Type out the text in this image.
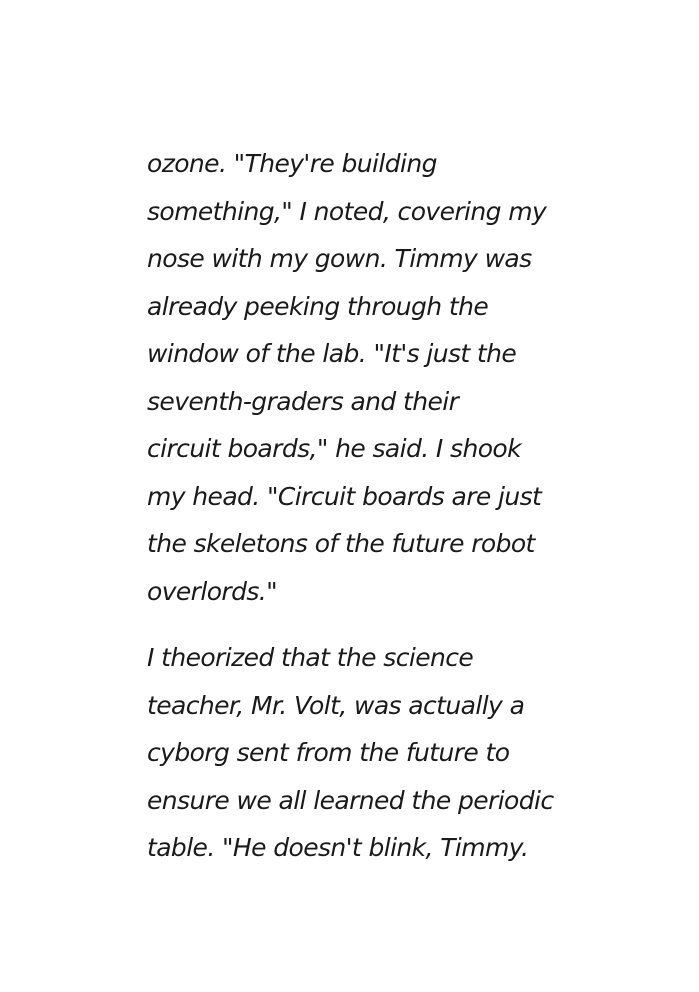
ozone. "They're building
something," I noted, covering my
nose with my gown. Timmy was
already peeking through the
window of the lab. "It's just the
seventh-graders and their
circuit boards," he said. I shook
my head. "Circuit boards are just
the skeletons of the future robot
overlords."

I theorized that the science
teacher, Mr. Volt, was actually a
cyborg sent from the future to
ensure we all learned the periodic
table. "He doesn't blink, Timmy.
